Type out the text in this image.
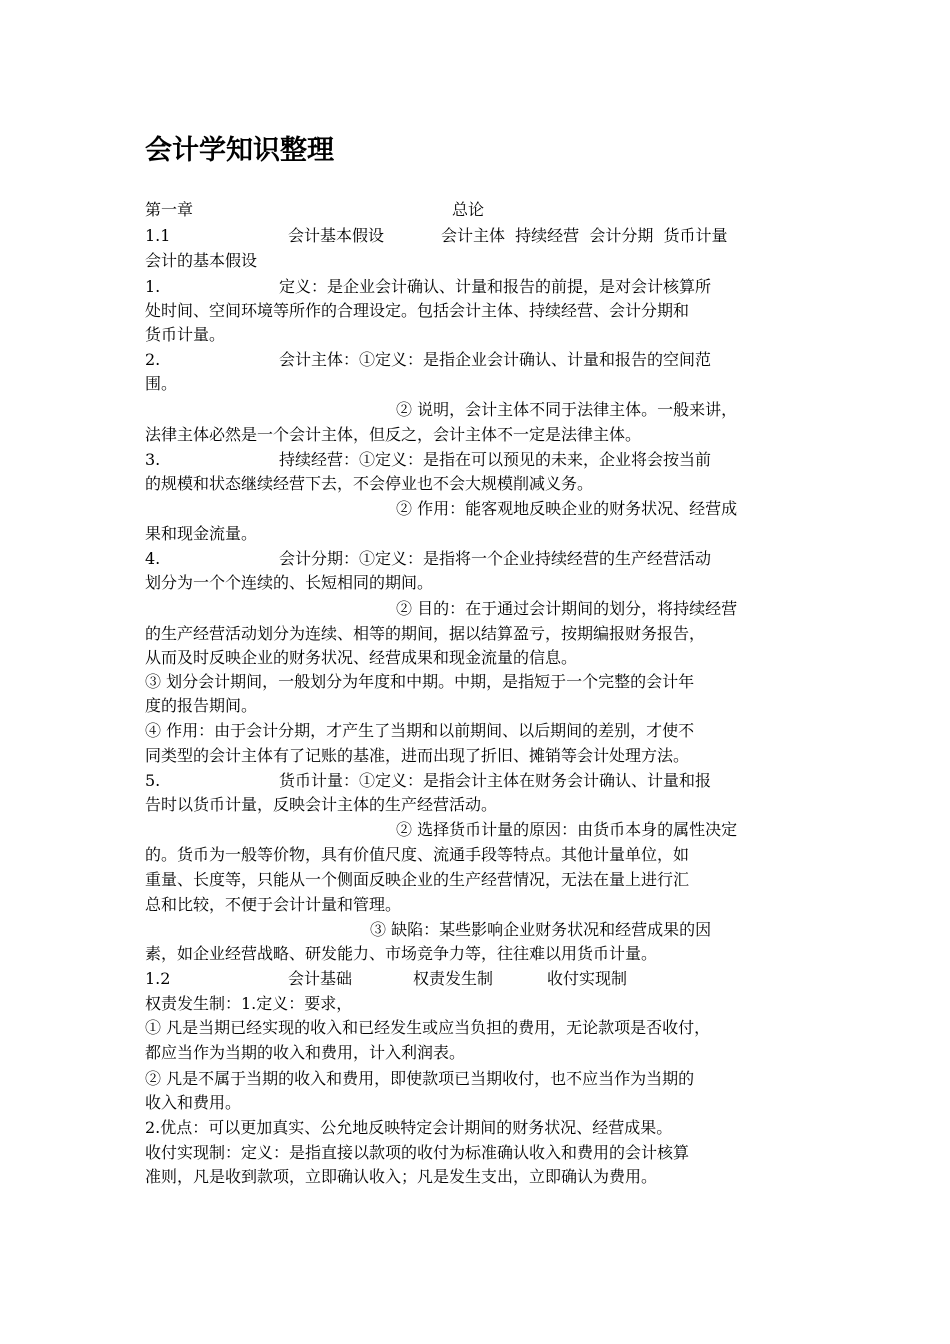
会计学知识整理
第一章	总论
1.1	会计基本假设	会计主体  持续经营  会计分期  货币计量
会计的基本假设
1.	定义：是企业会计确认、计量和报告的前提，是对会计核算所
处时间、空间环境等所作的合理设定。包括会计主体、持续经营、会计分期和
货币计量。
2.	会计主体：①定义：是指企业会计确认、计量和报告的空间范
围。
② 说明，会计主体不同于法律主体。一般来讲，
法律主体必然是一个会计主体，但反之，会计主体不一定是法律主体。
3.	持续经营：①定义：是指在可以预见的未来，企业将会按当前
的规模和状态继续经营下去，不会停业也不会大规模削减义务。
② 作用：能客观地反映企业的财务状况、经营成
果和现金流量。
4.	会计分期：①定义：是指将一个企业持续经营的生产经营活动
划分为一个个连续的、长短相同的期间。
② 目的：在于通过会计期间的划分，将持续经营
的生产经营活动划分为连续、相等的期间，据以结算盈亏，按期编报财务报告，
从而及时反映企业的财务状况、经营成果和现金流量的信息。
③ 划分会计期间，一般划分为年度和中期。中期，是指短于一个完整的会计年
度的报告期间。
④ 作用：由于会计分期，才产生了当期和以前期间、以后期间的差别，才使不
同类型的会计主体有了记账的基准，进而出现了折旧、摊销等会计处理方法。
5.	货币计量：①定义：是指会计主体在财务会计确认、计量和报
告时以货币计量，反映会计主体的生产经营活动。
② 选择货币计量的原因：由货币本身的属性决定
的。货币为一般等价物，具有价值尺度、流通手段等特点。其他计量单位，如
重量、长度等，只能从一个侧面反映企业的生产经营情况，无法在量上进行汇
总和比较，不便于会计计量和管理。
③ 缺陷：某些影响企业财务状况和经营成果的因
素，如企业经营战略、研发能力、市场竞争力等，往往难以用货币计量。
1.2	会计基础	权责发生制	收付实现制
权责发生制：1.定义：要求，
① 凡是当期已经实现的收入和已经发生或应当负担的费用，无论款项是否收付，
都应当作为当期的收入和费用，计入利润表。
② 凡是不属于当期的收入和费用，即使款项已当期收付，也不应当作为当期的
收入和费用。
2.优点：可以更加真实、公允地反映特定会计期间的财务状况、经营成果。
收付实现制：定义：是指直接以款项的收付为标准确认收入和费用的会计核算
准则，凡是收到款项，立即确认收入；凡是发生支出，立即确认为费用。
